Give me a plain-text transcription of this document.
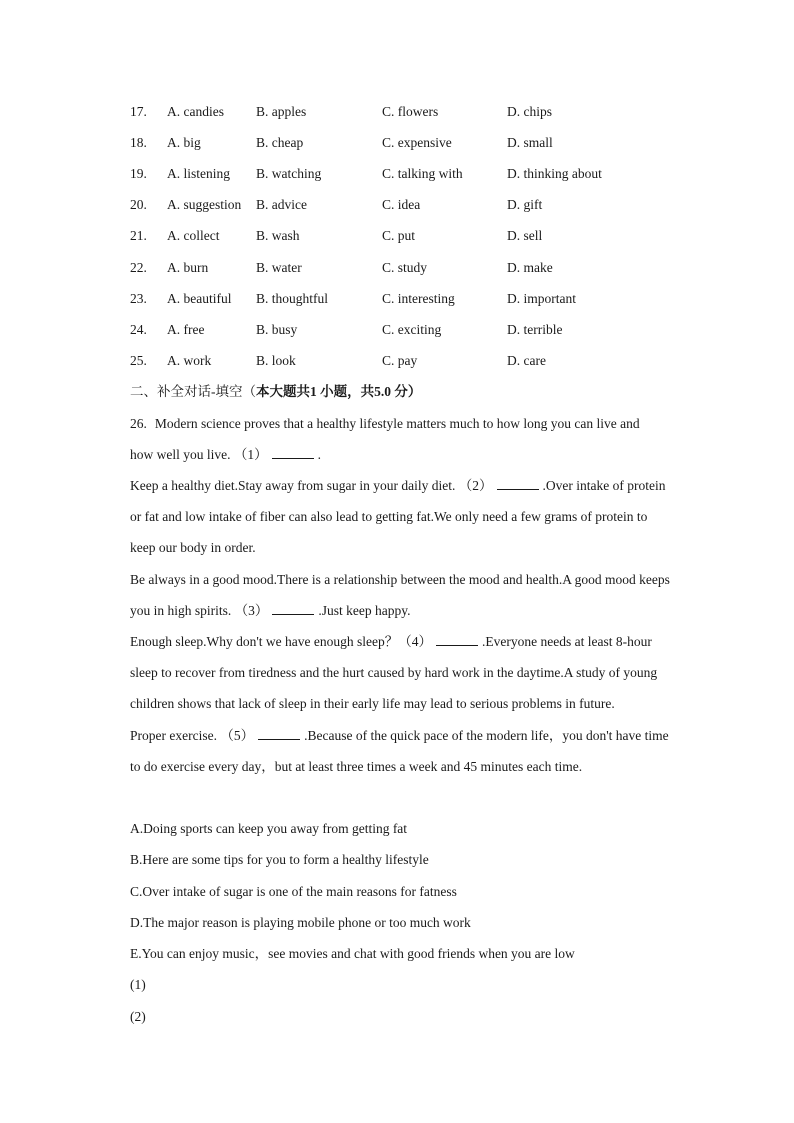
17. A. candies B. apples	C. flowers	D. chips
18. A. big	B. cheap	C. expensive	D. small
19. A. listening B. watching	C. talking with	D. thinking about
20. A. suggestion B. advice	C. idea	D. gift
21. A. collect	B. wash	C. put	D. sell
22. A. burn	B. water	C. study	D. make
23. A. beautiful B. thoughtful	C. interesting	D. important
24. A. free	B. busy	C. exciting	D. terrible
25. A. work	B. look	C. pay	D. care
二、补全对话-填空（本大题共1 小题，共5.0 分）
26. Modern science proves that a healthy lifestyle matters much to how long you can live and
how well you live. （1）	.
Keep a healthy diet.Stay away from sugar in your daily diet. （2）	.Over intake of protein
or fat and low intake of fiber can also lead to getting fat.We only need a few grams of protein to
keep our body in order.
Be always in a good mood.There is a relationship between the mood and health.A good mood keeps
you in high spirits. （3）	.Just keep happy.
Enough sleep.Why don't we have enough sleep？（4）	.Everyone needs at least 8-hour
sleep to recover from tiredness and the hurt caused by hard work in the daytime.A study of young
children shows that lack of sleep in their early life may lead to serious problems in future.
Proper exercise. （5）	.Because of the quick pace of the modern life，you don't have time
to do exercise every day，but at least three times a week and 45 minutes each time.
A.Doing sports can keep you away from getting fat
B.Here are some tips for you to form a healthy lifestyle
C.Over intake of sugar is one of the main reasons for fatness
D.The major reason is playing mobile phone or too much work
E.You can enjoy music，see movies and chat with good friends when you are low
(1)
(2)
